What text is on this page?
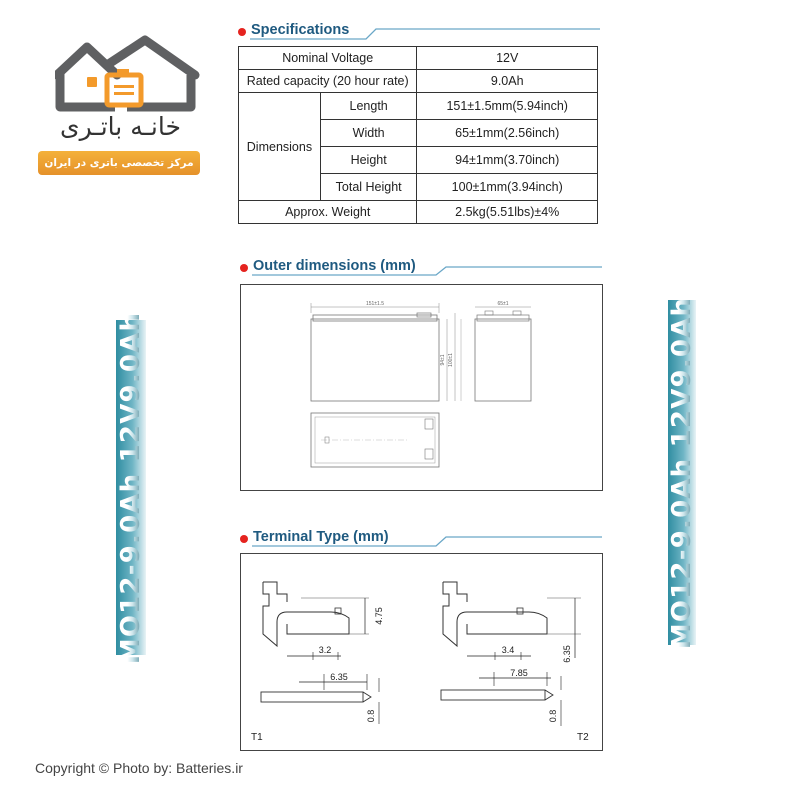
خانـه باتـری
مرکز تخصصی باتری در ایران
MO12-9.0Ah 12V9.0Ah	MO12-9.0Ah 12V9.0Ah
Specifications
Nominal Voltage		12V
Rated capacity (20 hour rate)		9.0Ah
Dimensions	Length	151±1.5mm(5.94inch)
	Width	65±1mm(2.56inch)
	Height	94±1mm(3.70inch)
	Total Height	100±1mm(3.94inch)
Approx. Weight		2.5kg(5.51lbs)±4%
Outer dimensions (mm)
151±1.5
94±1 100±1
65±1
Terminal Type (mm)
4.75
3.2
6.35
0.8
T1
6.35
3.4
7.85
0.8
T2
Copyright © Photo by: Batteries.ir
